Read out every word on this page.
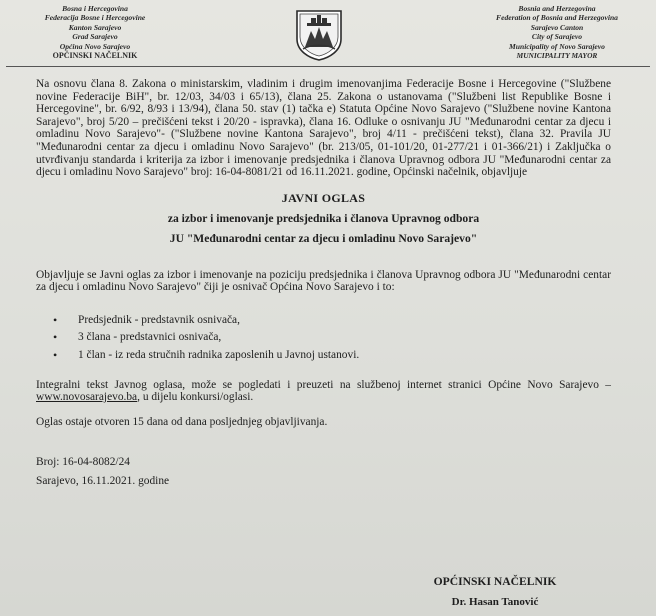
Bosna i Hercegovina
Federacija Bosne i Hercegovine
Kanton Sarajevo
Grad Sarajevo
Općina Novo Sarajevo
OPĆINSKI NAČELNIK
Bosnia and Herzegovina
Federation of Bosnia and Herzegovina
Sarajevo Canton
City of Sarajevo
Municipality of Novo Sarajevo
MUNICIPALITY MAYOR

Na osnovu člana 8. Zakona o ministarskim, vladinim i drugim imenovanjima Federacije Bosne i Hercegovine ("Službene novine Federacije BiH", br. 12/03, 34/03 i 65/13), člana 25. Zakona o ustanovama ("Službeni list Republike Bosne i Hercegovine", br. 6/92, 8/93 i 13/94), člana 50. stav (1) tačka e) Statuta Općine Novo Sarajevo ("Službene novine Kantona Sarajevo", broj 5/20 – prečišćeni tekst i 20/20 - ispravka), člana 16. Odluke o osnivanju JU "Međunarodni centar za djecu i omladinu Novo Sarajevo"- ("Službene novine Kantona Sarajevo", broj 4/11 - prečišćeni tekst), člana 32. Pravila JU "Međunarodni centar za djecu i omladinu Novo Sarajevo" (br. 213/05, 01-101/20, 01-277/21 i 01-366/21) i Zaključka o utvrđivanju standarda i kriterija za izbor i imenovanje predsjednika i članova Upravnog odbora JU "Međunarodni centar za djecu i omladinu Novo Sarajevo" broj: 16-04-8081/21 od 16.11.2021. godine, Općinski načelnik, objavljuje

JAVNI OGLAS
za izbor i imenovanje predsjednika i članova Upravnog odbora
JU "Međunarodni centar za djecu i omladinu Novo Sarajevo"

Objavljuje se Javni oglas za izbor i imenovanje na poziciju predsjednika i članova Upravnog odbora JU "Međunarodni centar za djecu i omladinu Novo Sarajevo" čiji je osnivač Općina Novo Sarajevo i to:

• Predsjednik - predstavnik osnivača,
• 3 člana - predstavnici osnivača,
• 1 član - iz reda stručnih radnika zaposlenih u Javnoj ustanovi.

Integralni tekst Javnog oglasa, može se pogledati i preuzeti na službenoj internet stranici Općine Novo Sarajevo – www.novosarajevo.ba, u dijelu konkursi/oglasi.

Oglas ostaje otvoren 15 dana od dana posljednjeg objavljivanja.

Broj: 16-04-8082/24

Sarajevo, 16.11.2021. godine

OPĆINSKI NAČELNIK
Dr. Hasan Tanović
